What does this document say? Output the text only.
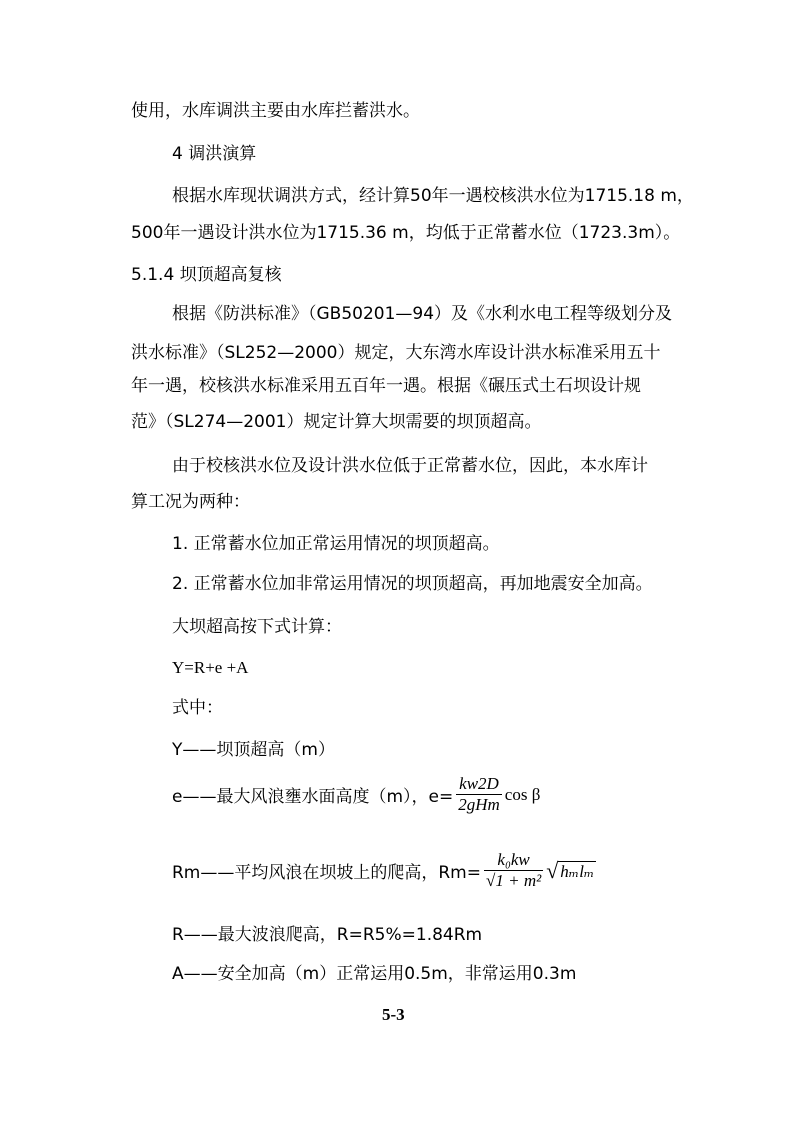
使用，水库调洪主要由水库拦蓄洪水。
4 调洪演算
根据水库现状调洪方式，经计算50年一遇校核洪水位为1715.18 m，
500年一遇设计洪水位为1715.36 m，均低于正常蓄水位（1723.3m）。
5.1.4 坝顶超高复核
根据《防洪标准》（GB50201—94）及《水利水电工程等级划分及
洪水标准》（SL252—2000）规定，大东湾水库设计洪水标准采用五十
年一遇，校核洪水标准采用五百年一遇。根据《碾压式土石坝设计规
范》（SL274—2001）规定计算大坝需要的坝顶超高。
由于校核洪水位及设计洪水位低于正常蓄水位，因此，本水库计
算工况为两种：
1. 正常蓄水位加正常运用情况的坝顶超高。
2. 正常蓄水位加非常运用情况的坝顶超高，再加地震安全加高。
大坝超高按下式计算：
Y=R+e +A
式中：
Y——坝顶超高（m）
e——最大风浪壅水面高度（m），$e= \frac{kw2D}{\text{2gHm}}$ cos β
Rm——平均风浪在坝坡上的爬高，$Rm= \frac{\text{k₀kw}}{\text{√1 + m²}}$ √ hₘlₘ
R——最大波浪爬高，R=R5%=1.84Rm
A——安全加高（m）正常运用0.5m，非常运用0.3m
5-3
